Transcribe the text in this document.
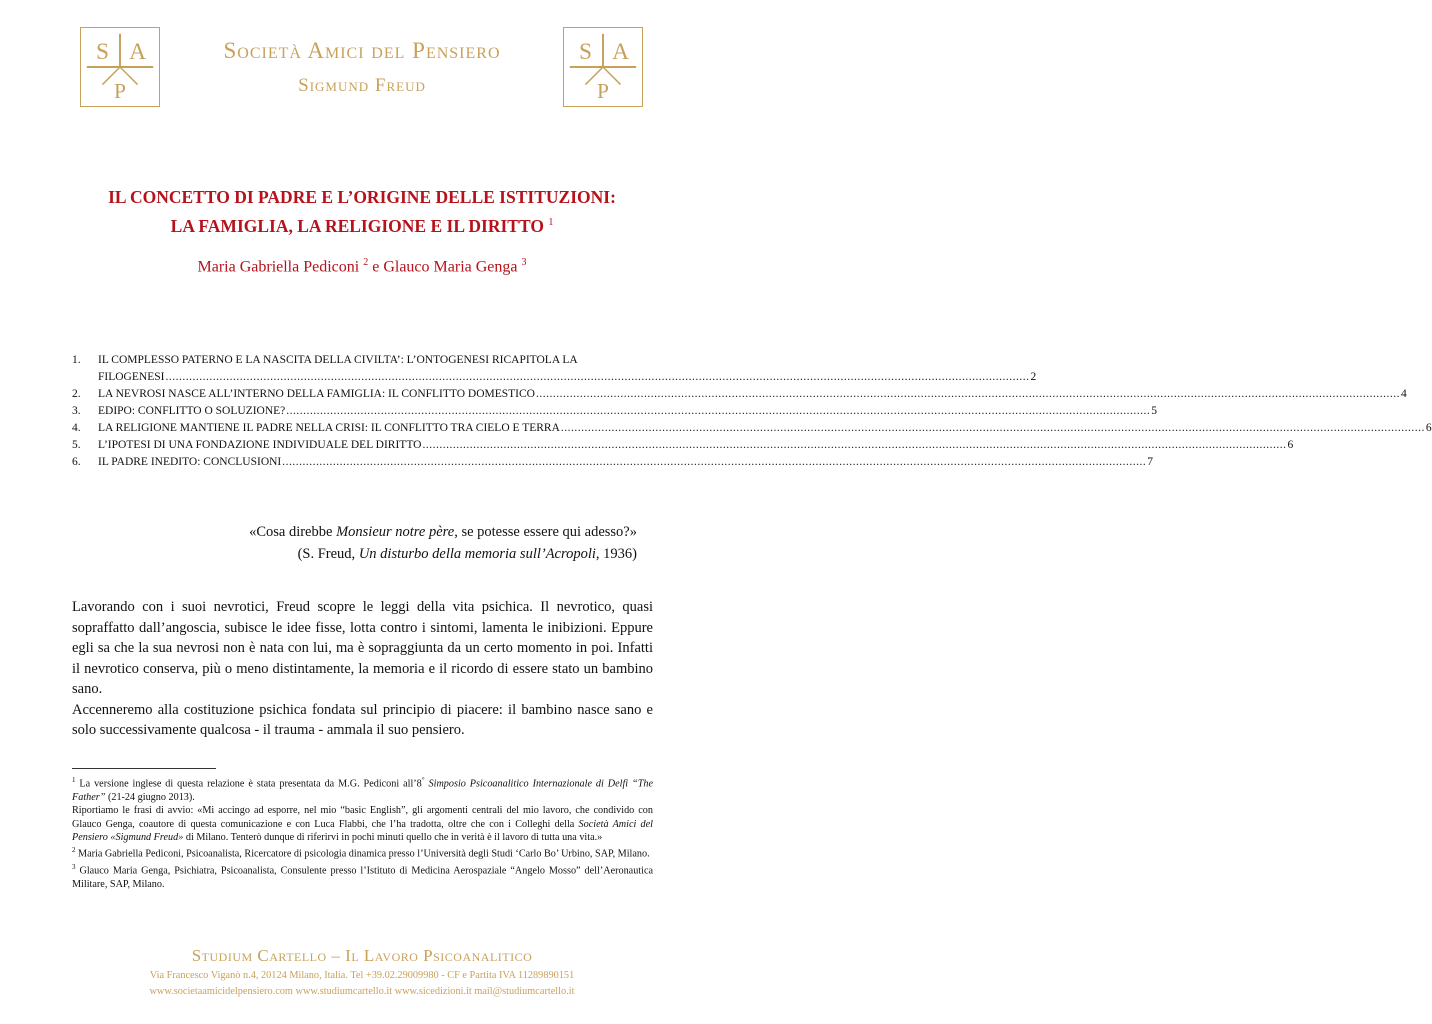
S A
P
Società Amici del Pensiero
Sigmund Freud
S A
P
IL CONCETTO DI PADRE E L’ORIGINE DELLE ISTITUZIONI:
LA FAMIGLIA, LA RELIGIONE E IL DIRITTO $^1$
Maria Gabriella Pediconi $^2$ e Glauco Maria Genga $^3$
1.	IL COMPLESSO PATERNO E LA NASCITA DELLA CIVILTA’: L’ONTOGENESI RICAPITOLA LA
FILOGENESI ................................................................................................................................................................................................................................................................ 2
2.	LA NEVROSI NASCE ALL’INTERNO DELLA FAMIGLIA: IL CONFLITTO DOMESTICO ................................................................................................................................................................................................................................................................ 4
3.	EDIPO: CONFLITTO O SOLUZIONE? ................................................................................................................................................................................................................................................................ 5
4.	LA RELIGIONE MANTIENE IL PADRE NELLA CRISI: IL CONFLITTO TRA CIELO E TERRA ................................................................................................................................................................................................................................................................ 6
5.	L’IPOTESI DI UNA FONDAZIONE INDIVIDUALE DEL DIRITTO ................................................................................................................................................................................................................................................................ 6
6.	IL PADRE INEDITO: CONCLUSIONI ................................................................................................................................................................................................................................................................ 7
«Cosa direbbe Monsieur notre père, se potesse essere qui adesso?»
(S. Freud, Un disturbo della memoria sull’Acropoli, 1936)

Lavorando con i suoi nevrotici, Freud scopre le leggi della vita psichica. Il nevrotico, quasi sopraffatto dall’angoscia, subisce le idee fisse, lotta contro i sintomi, lamenta le inibizioni. Eppure egli sa che la sua nevrosi non è nata con lui, ma è sopraggiunta da un certo momento in poi. Infatti il nevrotico conserva, più o meno distintamente, la memoria e il ricordo di essere stato un bambino sano.

Accenneremo alla costituzione psichica fondata sul principio di piacere: il bambino nasce sano e solo successivamente qualcosa - il trauma - ammala il suo pensiero.

$^1$ La versione inglese di questa relazione è stata presentata da M.G. Pediconi all’8° Simposio Psicoanalitico Internazionale di Delfi “The Father” (21-24 giugno 2013).

Riportiamo le frasi di avvio: «Mi accingo ad esporre, nel mio “basic English”, gli argomenti centrali del mio lavoro, che condivido con Glauco Genga, coautore di questa comunicazione e con Luca Flabbi, che l’ha tradotta, oltre che con i Colleghi della Società Amici del Pensiero «Sigmund Freud» di Milano. Tenterò dunque di riferirvi in pochi minuti quello che in verità è il lavoro di tutta una vita.»

$^2$ Maria Gabriella Pediconi, Psicoanalista, Ricercatore di psicologia dinamica presso l’Università degli Studi ‘Carlo Bo’ Urbino, SAP, Milano.

$^3$ Glauco Maria Genga, Psichiatra, Psicoanalista, Consulente presso l’Istituto di Medicina Aerospaziale “Angelo Mosso” dell’Aeronautica Militare, SAP, Milano.

Studium Cartello – Il Lavoro Psicoanalitico
Via Francesco Viganò n.4, 20124 Milano, Italia. Tel +39.02.29009980 - CF e Partita IVA 11289890151
www.societaamicidelpensiero.com www.studiumcartello.it www.sicedizioni.it mail@studiumcartello.it
